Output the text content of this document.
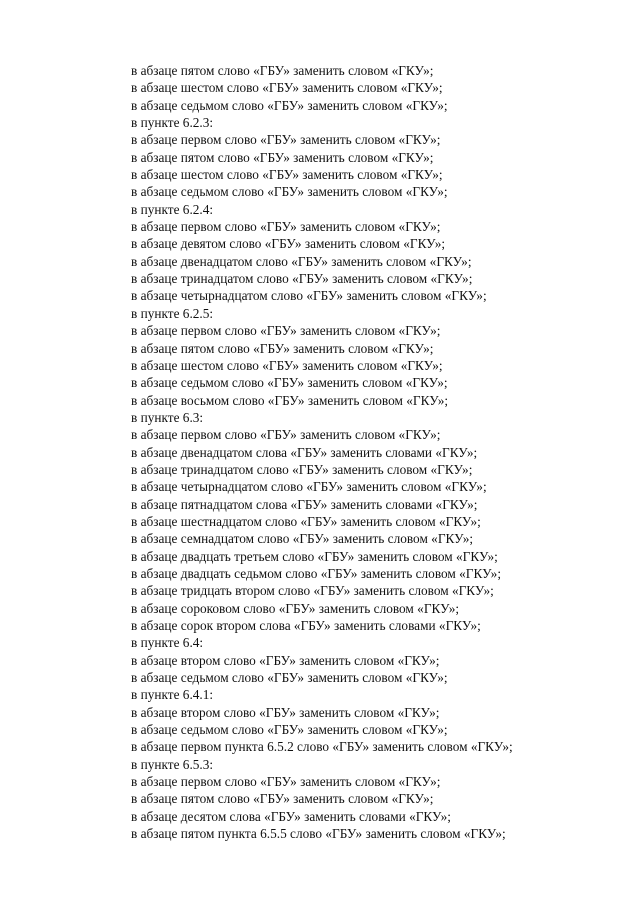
в абзаце пятом слово «ГБУ» заменить словом «ГКУ»;
в абзаце шестом слово «ГБУ» заменить словом «ГКУ»;
в абзаце седьмом слово «ГБУ» заменить словом «ГКУ»;
в пункте 6.2.3:
в абзаце первом слово «ГБУ» заменить словом «ГКУ»;
в абзаце пятом слово «ГБУ» заменить словом «ГКУ»;
в абзаце шестом слово «ГБУ» заменить словом «ГКУ»;
в абзаце седьмом слово «ГБУ» заменить словом «ГКУ»;
в пункте 6.2.4:
в абзаце первом слово «ГБУ» заменить словом «ГКУ»;
в абзаце девятом слово «ГБУ» заменить словом «ГКУ»;
в абзаце двенадцатом слово «ГБУ» заменить словом «ГКУ»;
в абзаце тринадцатом слово «ГБУ» заменить словом «ГКУ»;
в абзаце четырнадцатом слово «ГБУ» заменить словом «ГКУ»;
в пункте 6.2.5:
в абзаце первом слово «ГБУ» заменить словом «ГКУ»;
в абзаце пятом слово «ГБУ» заменить словом «ГКУ»;
в абзаце шестом слово «ГБУ» заменить словом «ГКУ»;
в абзаце седьмом слово «ГБУ» заменить словом «ГКУ»;
в абзаце восьмом слово «ГБУ» заменить словом «ГКУ»;
в пункте 6.3:
в абзаце первом слово «ГБУ» заменить словом «ГКУ»;
в абзаце двенадцатом слова «ГБУ» заменить словами «ГКУ»;
в абзаце тринадцатом слово «ГБУ» заменить словом «ГКУ»;
в абзаце четырнадцатом слово «ГБУ» заменить словом «ГКУ»;
в абзаце пятнадцатом слова «ГБУ» заменить словами «ГКУ»;
в абзаце шестнадцатом слово «ГБУ» заменить словом «ГКУ»;
в абзаце семнадцатом слово «ГБУ» заменить словом «ГКУ»;
в абзаце двадцать третьем слово «ГБУ» заменить словом «ГКУ»;
в абзаце двадцать седьмом слово «ГБУ» заменить словом «ГКУ»;
в абзаце тридцать втором слово «ГБУ» заменить словом «ГКУ»;
в абзаце сороковом слово «ГБУ» заменить словом «ГКУ»;
в абзаце сорок втором слова «ГБУ» заменить словами «ГКУ»;
в пункте 6.4:
в абзаце втором слово «ГБУ» заменить словом «ГКУ»;
в абзаце седьмом слово «ГБУ» заменить словом «ГКУ»;
в пункте 6.4.1:
в абзаце втором слово «ГБУ» заменить словом «ГКУ»;
в абзаце седьмом слово «ГБУ» заменить словом «ГКУ»;
в абзаце первом пункта 6.5.2 слово «ГБУ» заменить словом «ГКУ»;
в пункте 6.5.3:
в абзаце первом слово «ГБУ» заменить словом «ГКУ»;
в абзаце пятом слово «ГБУ» заменить словом «ГКУ»;
в абзаце десятом слова «ГБУ» заменить словами «ГКУ»;
в абзаце пятом пункта 6.5.5 слово «ГБУ» заменить словом «ГКУ»;
